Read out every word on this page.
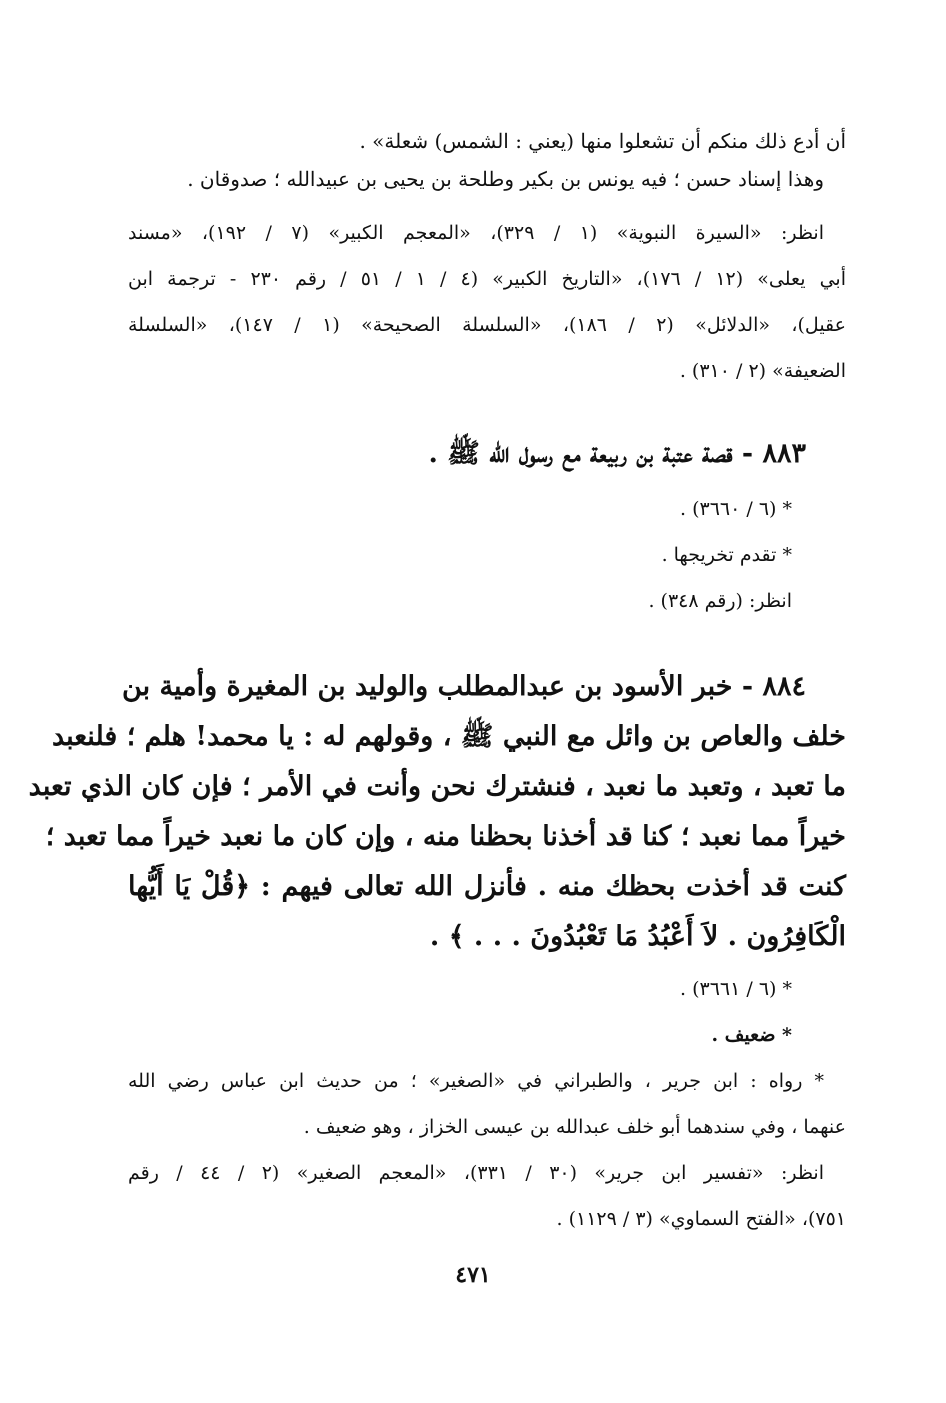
أن أدع ذلك منكم أن تشعلوا منها (يعني : الشمس) شعلة» .

وهذا إسناد حسن ؛ فيه يونس بن بكير وطلحة بن يحيى بن عبيدالله ؛ صدوقان .

انظر: «السيرة النبوية» (١ / ٣٢٩)، «المعجم الكبير» (٧ / ١٩٢)، «مسند

أبي يعلى» (١٢ / ١٧٦)، «التاريخ الكبير» (٤ / ١ / ٥١ / رقم ٢٣٠ - ترجمة ابن

عقيل)، «الدلائل» (٢ / ١٨٦)، «السلسلة الصحيحة» (١ / ١٤٧)، «السلسلة

الضعيفة» (٢ / ٣١٠) .

٨٨٣ - قصة عتبة بن ربيعة مع رسول الله ﷺ .

* (٦ / ٣٦٦٠) .

* تقدم تخريجها .

انظر: (رقم ٣٤٨) .

٨٨٤ - خبر الأسود بن عبدالمطلب والوليد بن المغيرة وأمية بن

خلف والعاص بن وائل مع النبي ﷺ ، وقولهم له : يا محمد! هلم ؛ فلنعبد

ما تعبد ، وتعبد ما نعبد ، فنشترك نحن وأنت في الأمر ؛ فإن كان الذي تعبد

خيراً مما نعبد ؛ كنا قد أخذنا بحظنا منه ، وإن كان ما نعبد خيراً مما تعبد ؛

كنت قد أخذت بحظك منه . فأنزل الله تعالى فيهم : ﴿قُلْ يَا أَيُّها

الْكَافِرُون . لاَ أَعْبُدُ مَا تَعْبُدُونَ . . . ﴾ .

* (٦ / ٣٦٦١) .

* ضعيف .

* رواه : ابن جرير ، والطبراني في «الصغير» ؛ من حديث ابن عباس رضي الله

عنهما ، وفي سندهما أبو خلف عبدالله بن عيسى الخزاز ، وهو ضعيف .

انظر: «تفسير ابن جرير» (٣٠ / ٣٣١)، «المعجم الصغير» (٢ / ٤٤ / رقم

٧٥١)، «الفتح السماوي» (٣ / ١١٢٩) .

٤٧١
